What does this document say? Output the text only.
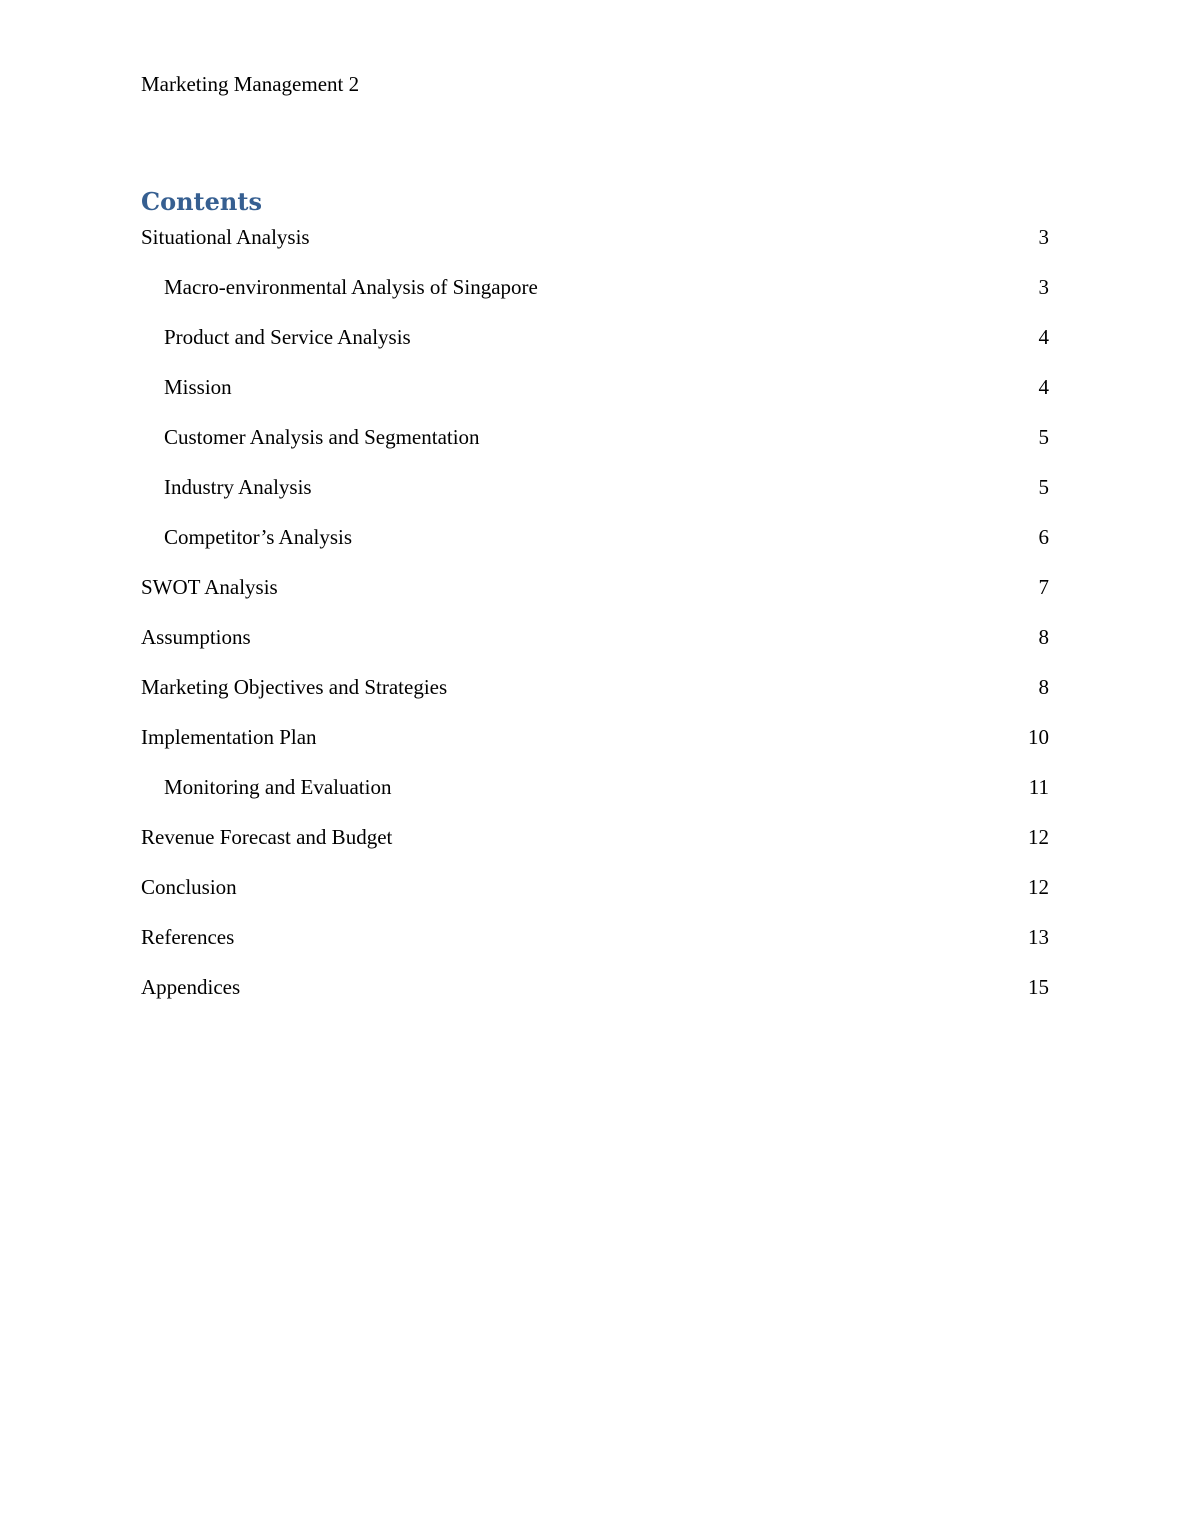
Marketing Management 2
Contents
Situational Analysis	3
Macro-environmental Analysis of Singapore	3
Product and Service Analysis	4
Mission	4
Customer Analysis and Segmentation	5
Industry Analysis	5
Competitor’s Analysis	6
SWOT Analysis	7
Assumptions	8
Marketing Objectives and Strategies	8
Implementation Plan	10
Monitoring and Evaluation	11
Revenue Forecast and Budget	12
Conclusion	12
References	13
Appendices	15
